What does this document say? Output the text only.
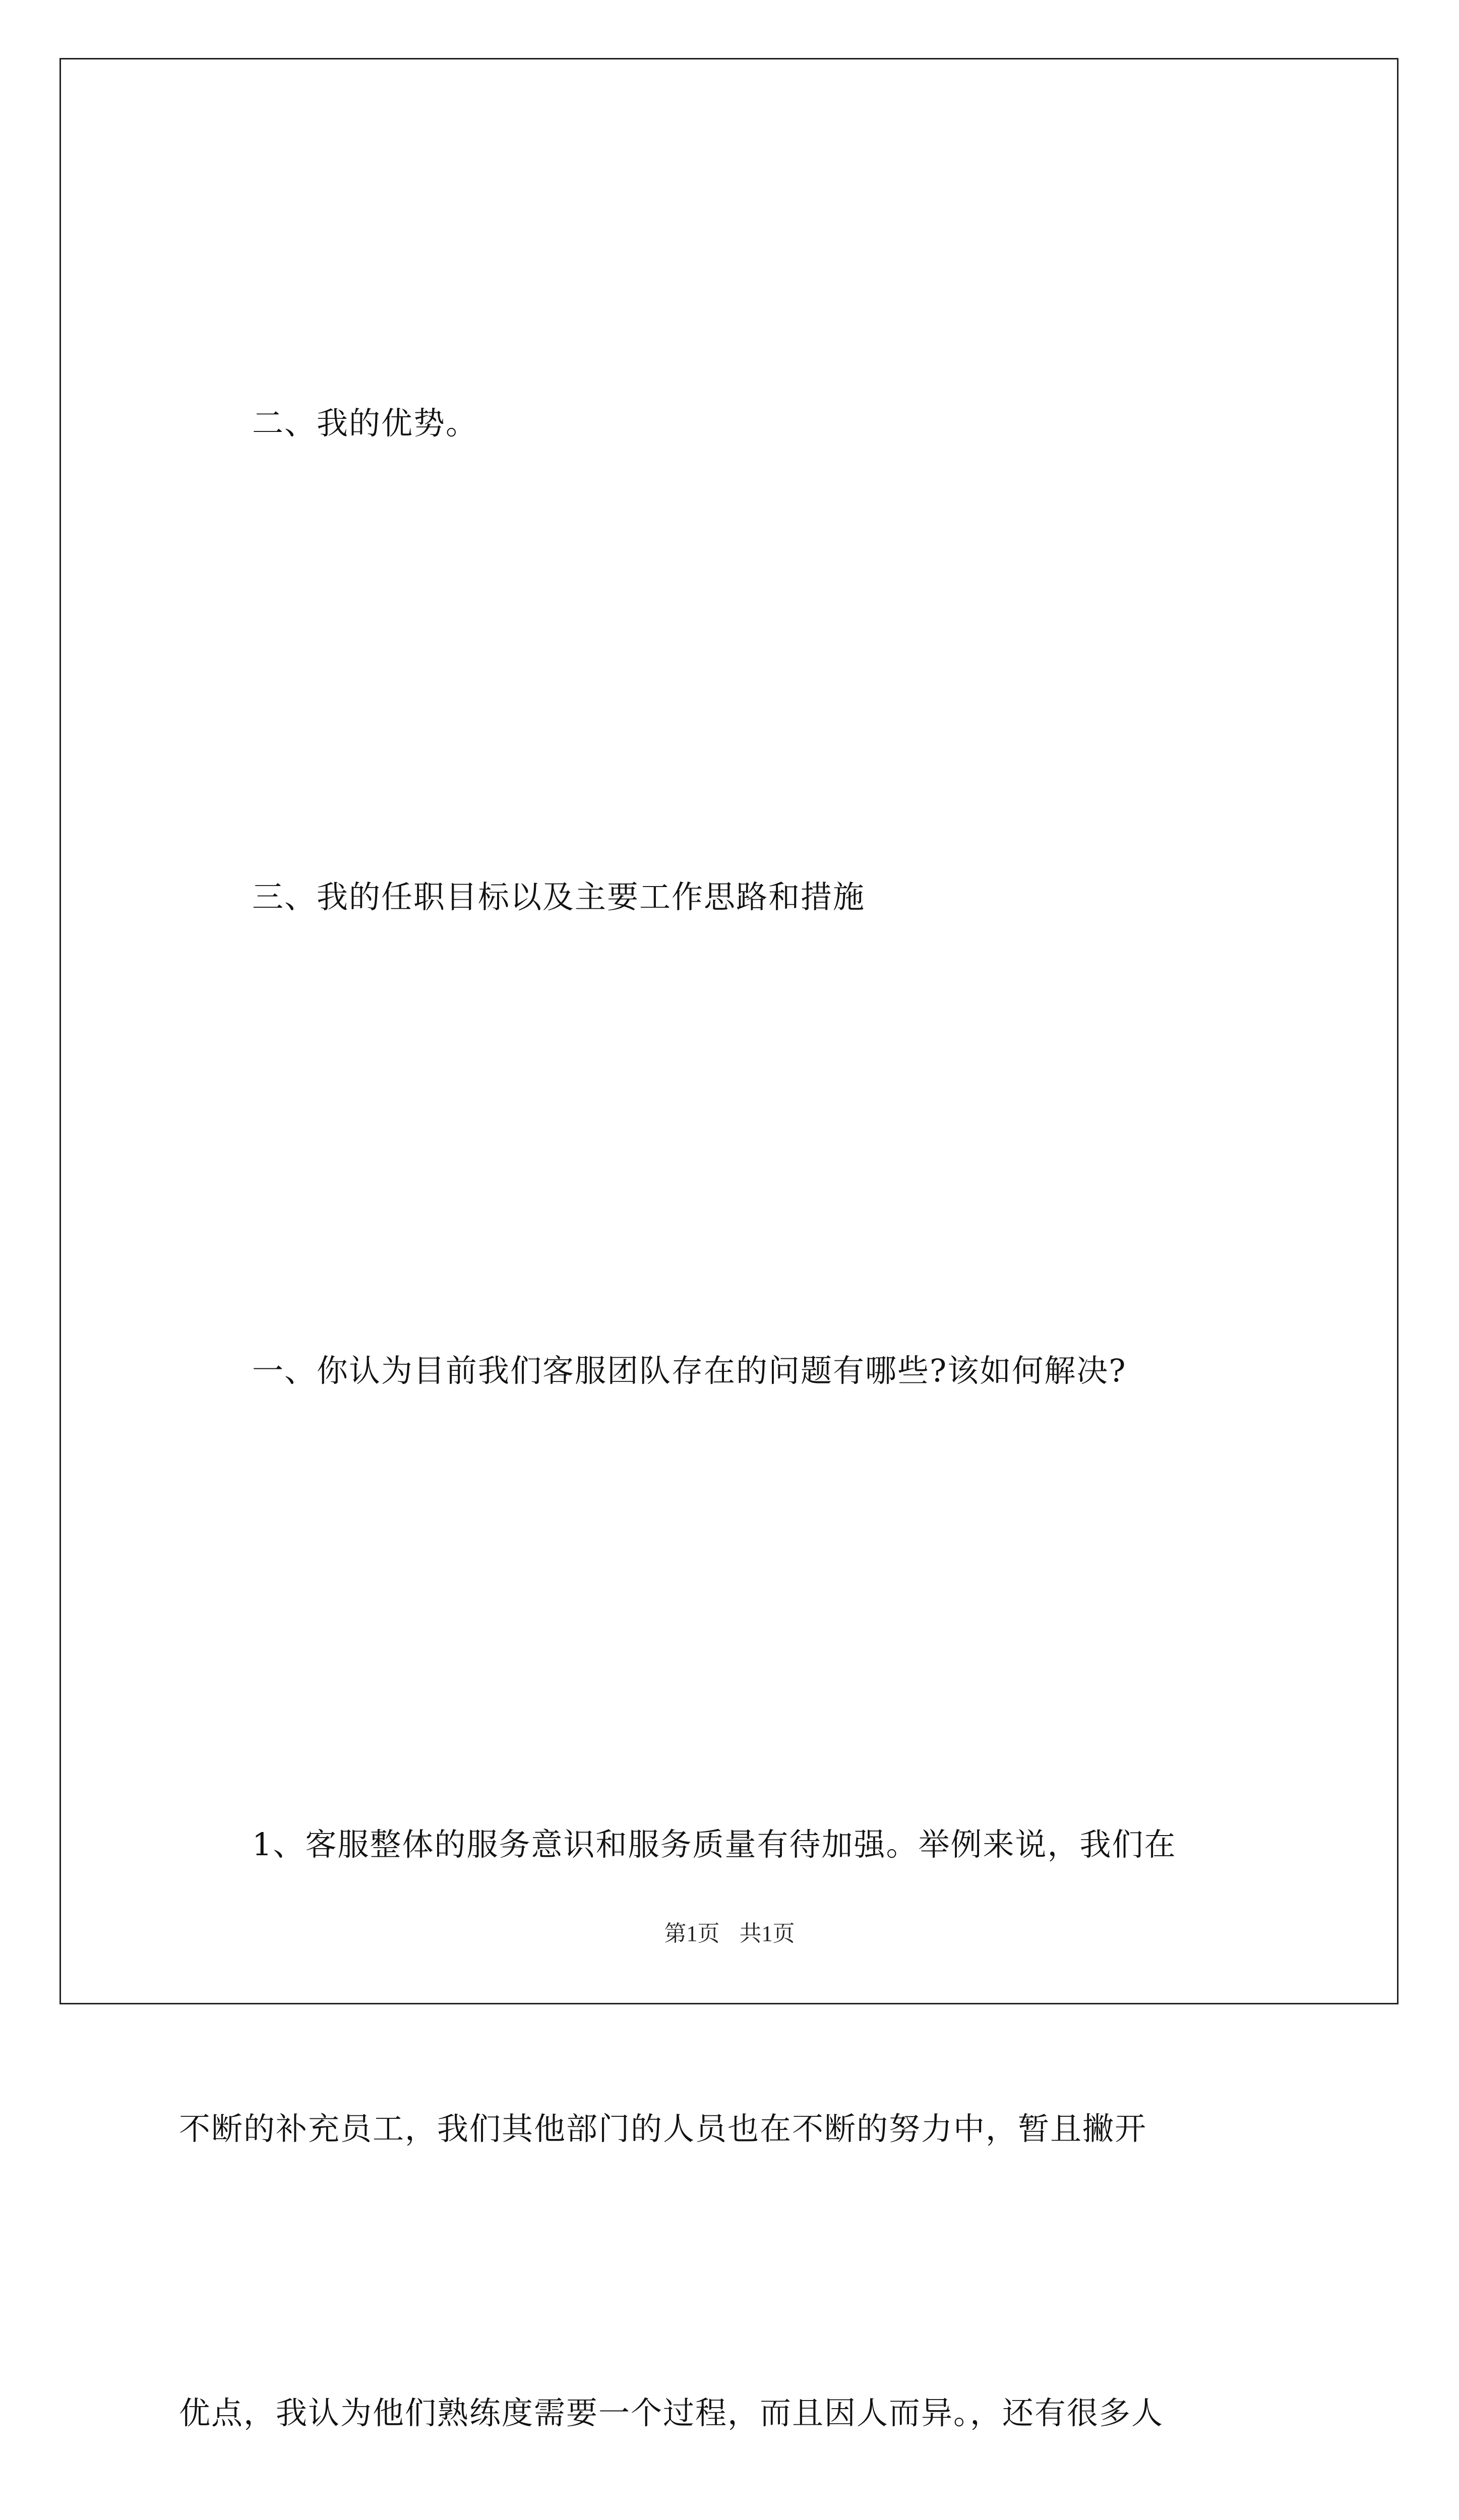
二、我的优势。

三、我的任职目标以及主要工作思路和措施

一、你认为目前我们客服团队存在的问题有哪些?该如何解决?

1、客服整体的服务意识和服务质量有待加强。举例来说，我们在

不断的补充员工，我们其他部门的人员也在不断的努力中，暂且撇开

优点，我认为他们熟练度需要一个过程，而且因人而异。，还有很多人

第1页 共1页
